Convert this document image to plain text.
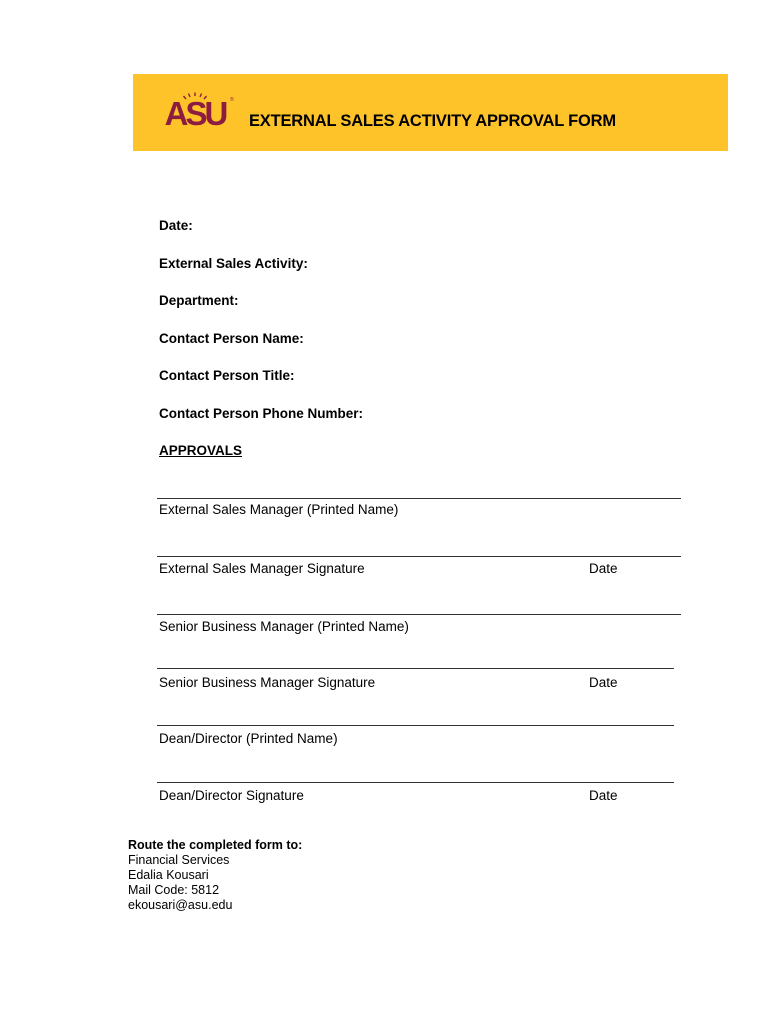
ASU ®
EXTERNAL SALES ACTIVITY APPROVAL FORM
Date:
External Sales Activity:
Department:
Contact Person Name:
Contact Person Title:
Contact Person Phone Number:
APPROVALS
External Sales Manager (Printed Name)
External Sales Manager Signature	Date
Senior Business Manager (Printed Name)
Senior Business Manager Signature	Date
Dean/Director (Printed Name)
Dean/Director Signature	Date
Route the completed form to:
Financial Services
Edalia Kousari
Mail Code: 5812
ekousari@asu.edu
